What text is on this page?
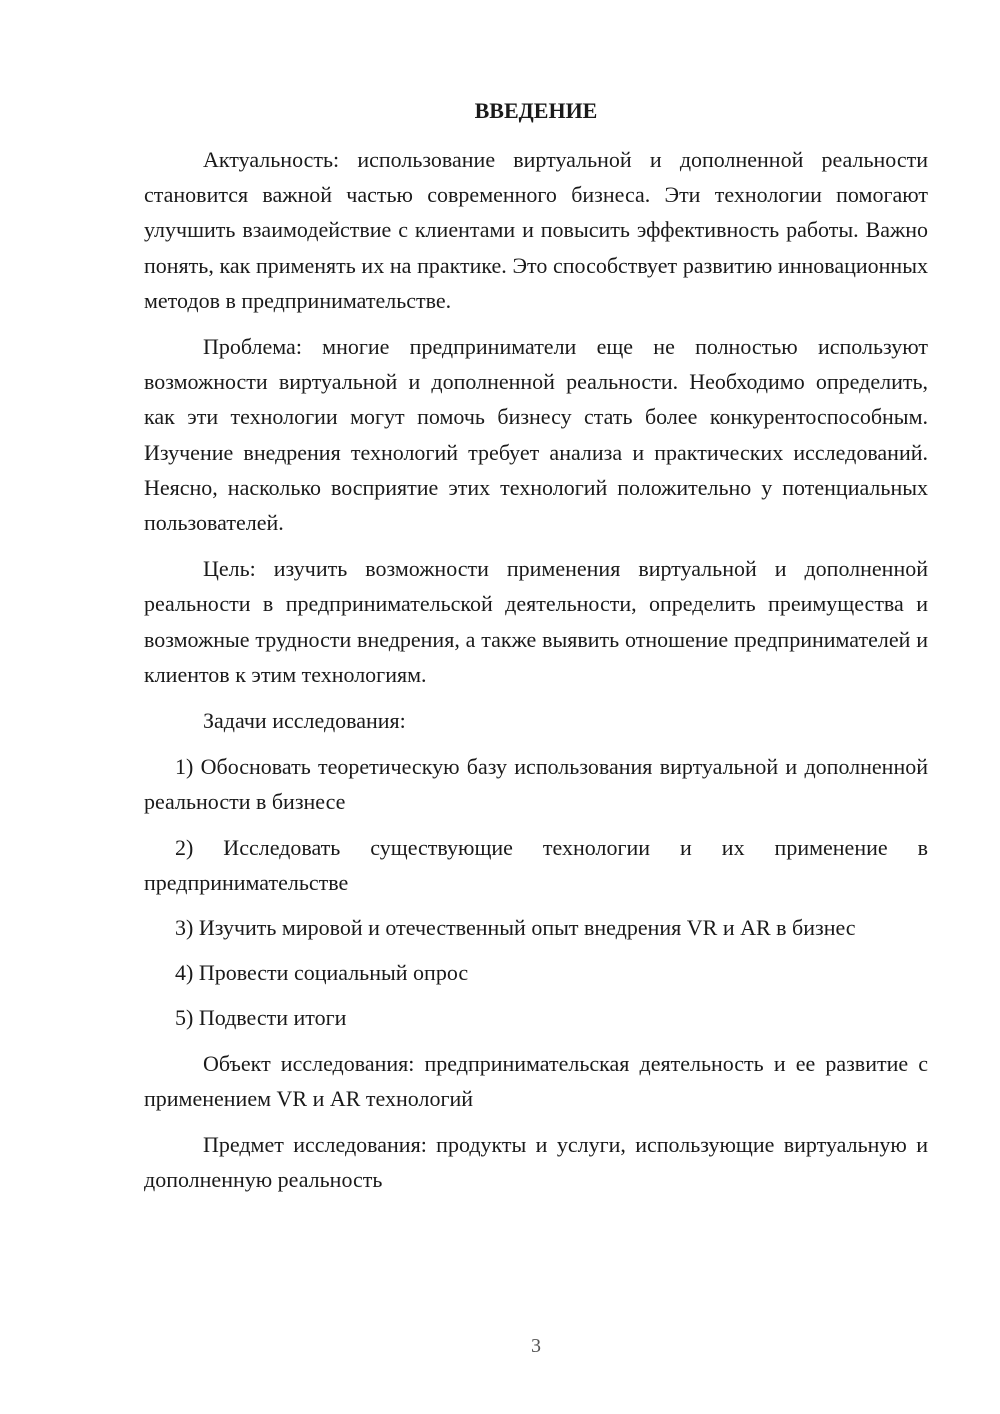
ВВЕДЕНИЕ

Актуальность: использование виртуальной и дополненной реальности становится важной частью современного бизнеса. Эти технологии помогают улучшить взаимодействие с клиентами и повысить эффективность работы. Важно понять, как применять их на практике. Это способствует развитию инновационных методов в предпринимательстве.

Проблема: многие предприниматели еще не полностью используют возможности виртуальной и дополненной реальности. Необходимо определить, как эти технологии могут помочь бизнесу стать более конкурентоспособным. Изучение внедрения технологий требует анализа и практических исследований. Неясно, насколько восприятие этих технологий положительно у потенциальных пользователей.

Цель: изучить возможности применения виртуальной и дополненной реальности в предпринимательской деятельности, определить преимущества и возможные трудности внедрения, а также выявить отношение предпринимателей и клиентов к этим технологиям.

Задачи исследования:

1) Обосновать теоретическую базу использования виртуальной и дополненной реальности в бизнесе

2) Исследовать существующие технологии и их применение в предпринимательстве

3) Изучить мировой и отечественный опыт внедрения VR и AR в бизнес

4) Провести социальный опрос

5) Подвести итоги

Объект исследования: предпринимательская деятельность и ее развитие с применением VR и AR технологий

Предмет исследования: продукты и услуги, использующие виртуальную и дополненную реальность

3
